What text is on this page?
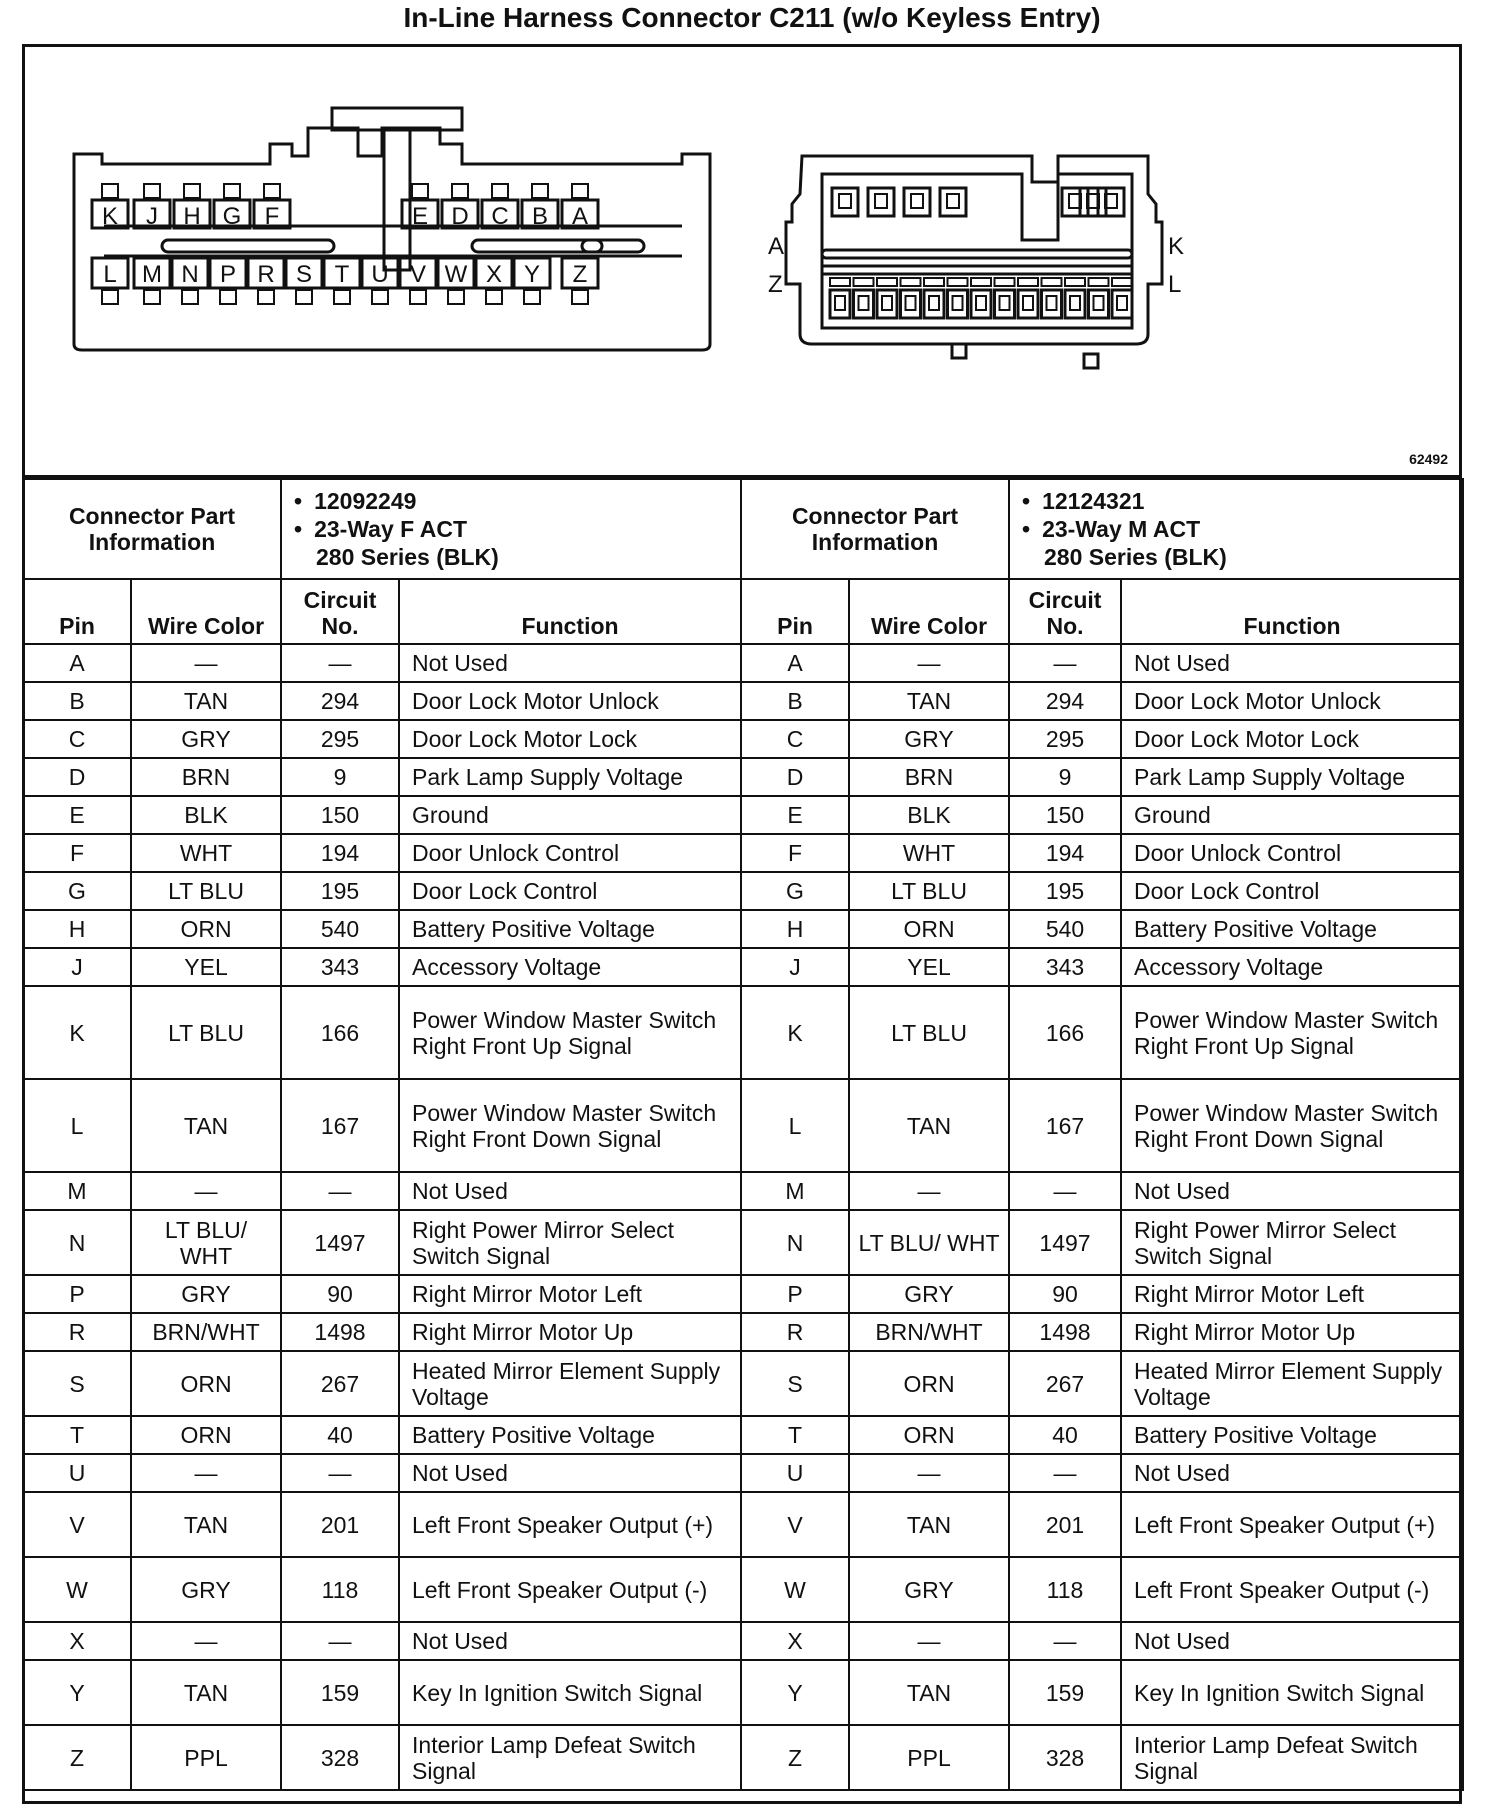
In-Line Harness Connector C211 (w/o Keyless Entry)
K J H G F	E D C B A
L M N P R S T U V W X Y Z
A
Z
K
L
62492
Connector Part Information		• 12092249
• 23-Way F ACT
280 Series (BLK)

Pin	Wire Color	Circuit No.	Function
A	—	—	Not Used
B	TAN	294	Door Lock Motor Unlock
C	GRY	295	Door Lock Motor Lock
D	BRN	9	Park Lamp Supply Voltage
E	BLK	150	Ground
F	WHT	194	Door Unlock Control
G	LT BLU	195	Door Lock Control
H	ORN	540	Battery Positive Voltage
J	YEL	343	Accessory Voltage
K	LT BLU	166	Power Window Master Switch Right Front Up Signal
L	TAN	167	Power Window Master Switch Right Front Down Signal
M	—	—	Not Used
N	LT BLU/ WHT	1497	Right Power Mirror Select Switch Signal
P	GRY	90	Right Mirror Motor Left
R	BRN/WHT	1498	Right Mirror Motor Up
S	ORN	267	Heated Mirror Element Supply Voltage
T	ORN	40	Battery Positive Voltage
U	—	—	Not Used
V	TAN	201	Left Front Speaker Output (+)
W	GRY	118	Left Front Speaker Output (-)
X	—	—	Not Used
Y	TAN	159	Key In Ignition Switch Signal
Z	PPL	328	Interior Lamp Defeat Switch Signal
Connector Part Information		• 12124321
• 23-Way M ACT
280 Series (BLK)

Pin	Wire Color	Circuit No.	Function
A	—	—	Not Used
B	TAN	294	Door Lock Motor Unlock
C	GRY	295	Door Lock Motor Lock
D	BRN	9	Park Lamp Supply Voltage
E	BLK	150	Ground
F	WHT	194	Door Unlock Control
G	LT BLU	195	Door Lock Control
H	ORN	540	Battery Positive Voltage
J	YEL	343	Accessory Voltage
K	LT BLU	166	Power Window Master Switch Right Front Up Signal
L	TAN	167	Power Window Master Switch Right Front Down Signal
M	—	—	Not Used
N	LT BLU/ WHT	1497	Right Power Mirror Select Switch Signal
P	GRY	90	Right Mirror Motor Left
R	BRN/WHT	1498	Right Mirror Motor Up
S	ORN	267	Heated Mirror Element Supply Voltage
T	ORN	40	Battery Positive Voltage
U	—	—	Not Used
V	TAN	201	Left Front Speaker Output (+)
W	GRY	118	Left Front Speaker Output (-)
X	—	—	Not Used
Y	TAN	159	Key In Ignition Switch Signal
Z	PPL	328	Interior Lamp Defeat Switch Signal
